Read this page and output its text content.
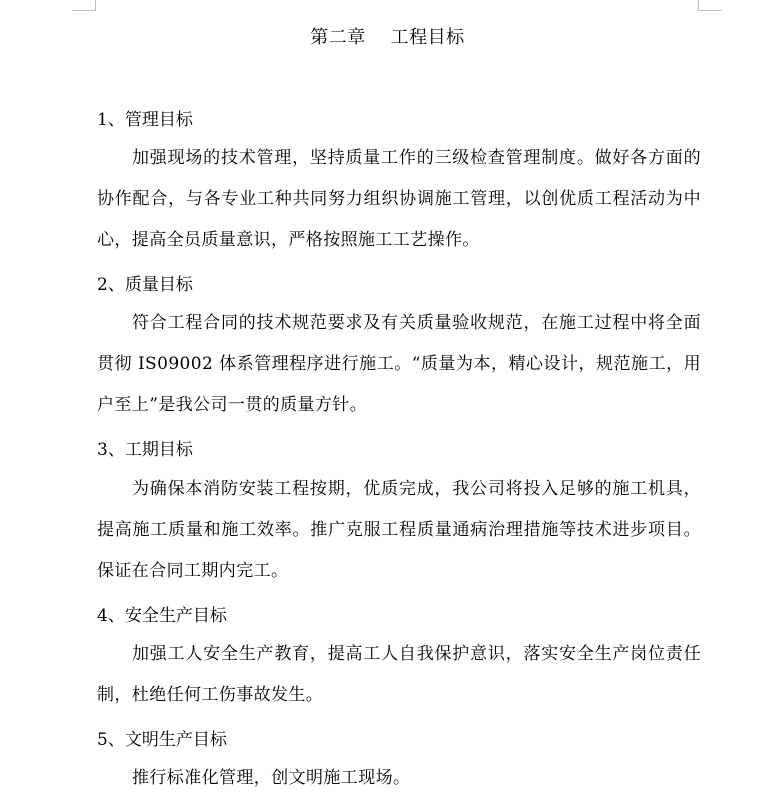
第二章    工程目标
1、管理目标
加强现场的技术管理，坚持质量工作的三级检查管理制度。做好各方面的协作配合，与各专业工种共同努力组织协调施工管理，以创优质工程活动为中心，提高全员质量意识，严格按照施工工艺操作。
2、质量目标
符合工程合同的技术规范要求及有关质量验收规范，在施工过程中将全面贯彻 IS09002 体系管理程序进行施工。“质量为本，精心设计，规范施工，用户至上”是我公司一贯的质量方针。
3、工期目标
为确保本消防安装工程按期，优质完成，我公司将投入足够的施工机具，提高施工质量和施工效率。推广克服工程质量通病治理措施等技术进步项目。保证在合同工期内完工。
4、安全生产目标
加强工人安全生产教育，提高工人自我保护意识，落实安全生产岗位责任制，杜绝任何工伤事故发生。
5、文明生产目标
推行标准化管理，创文明施工现场。
